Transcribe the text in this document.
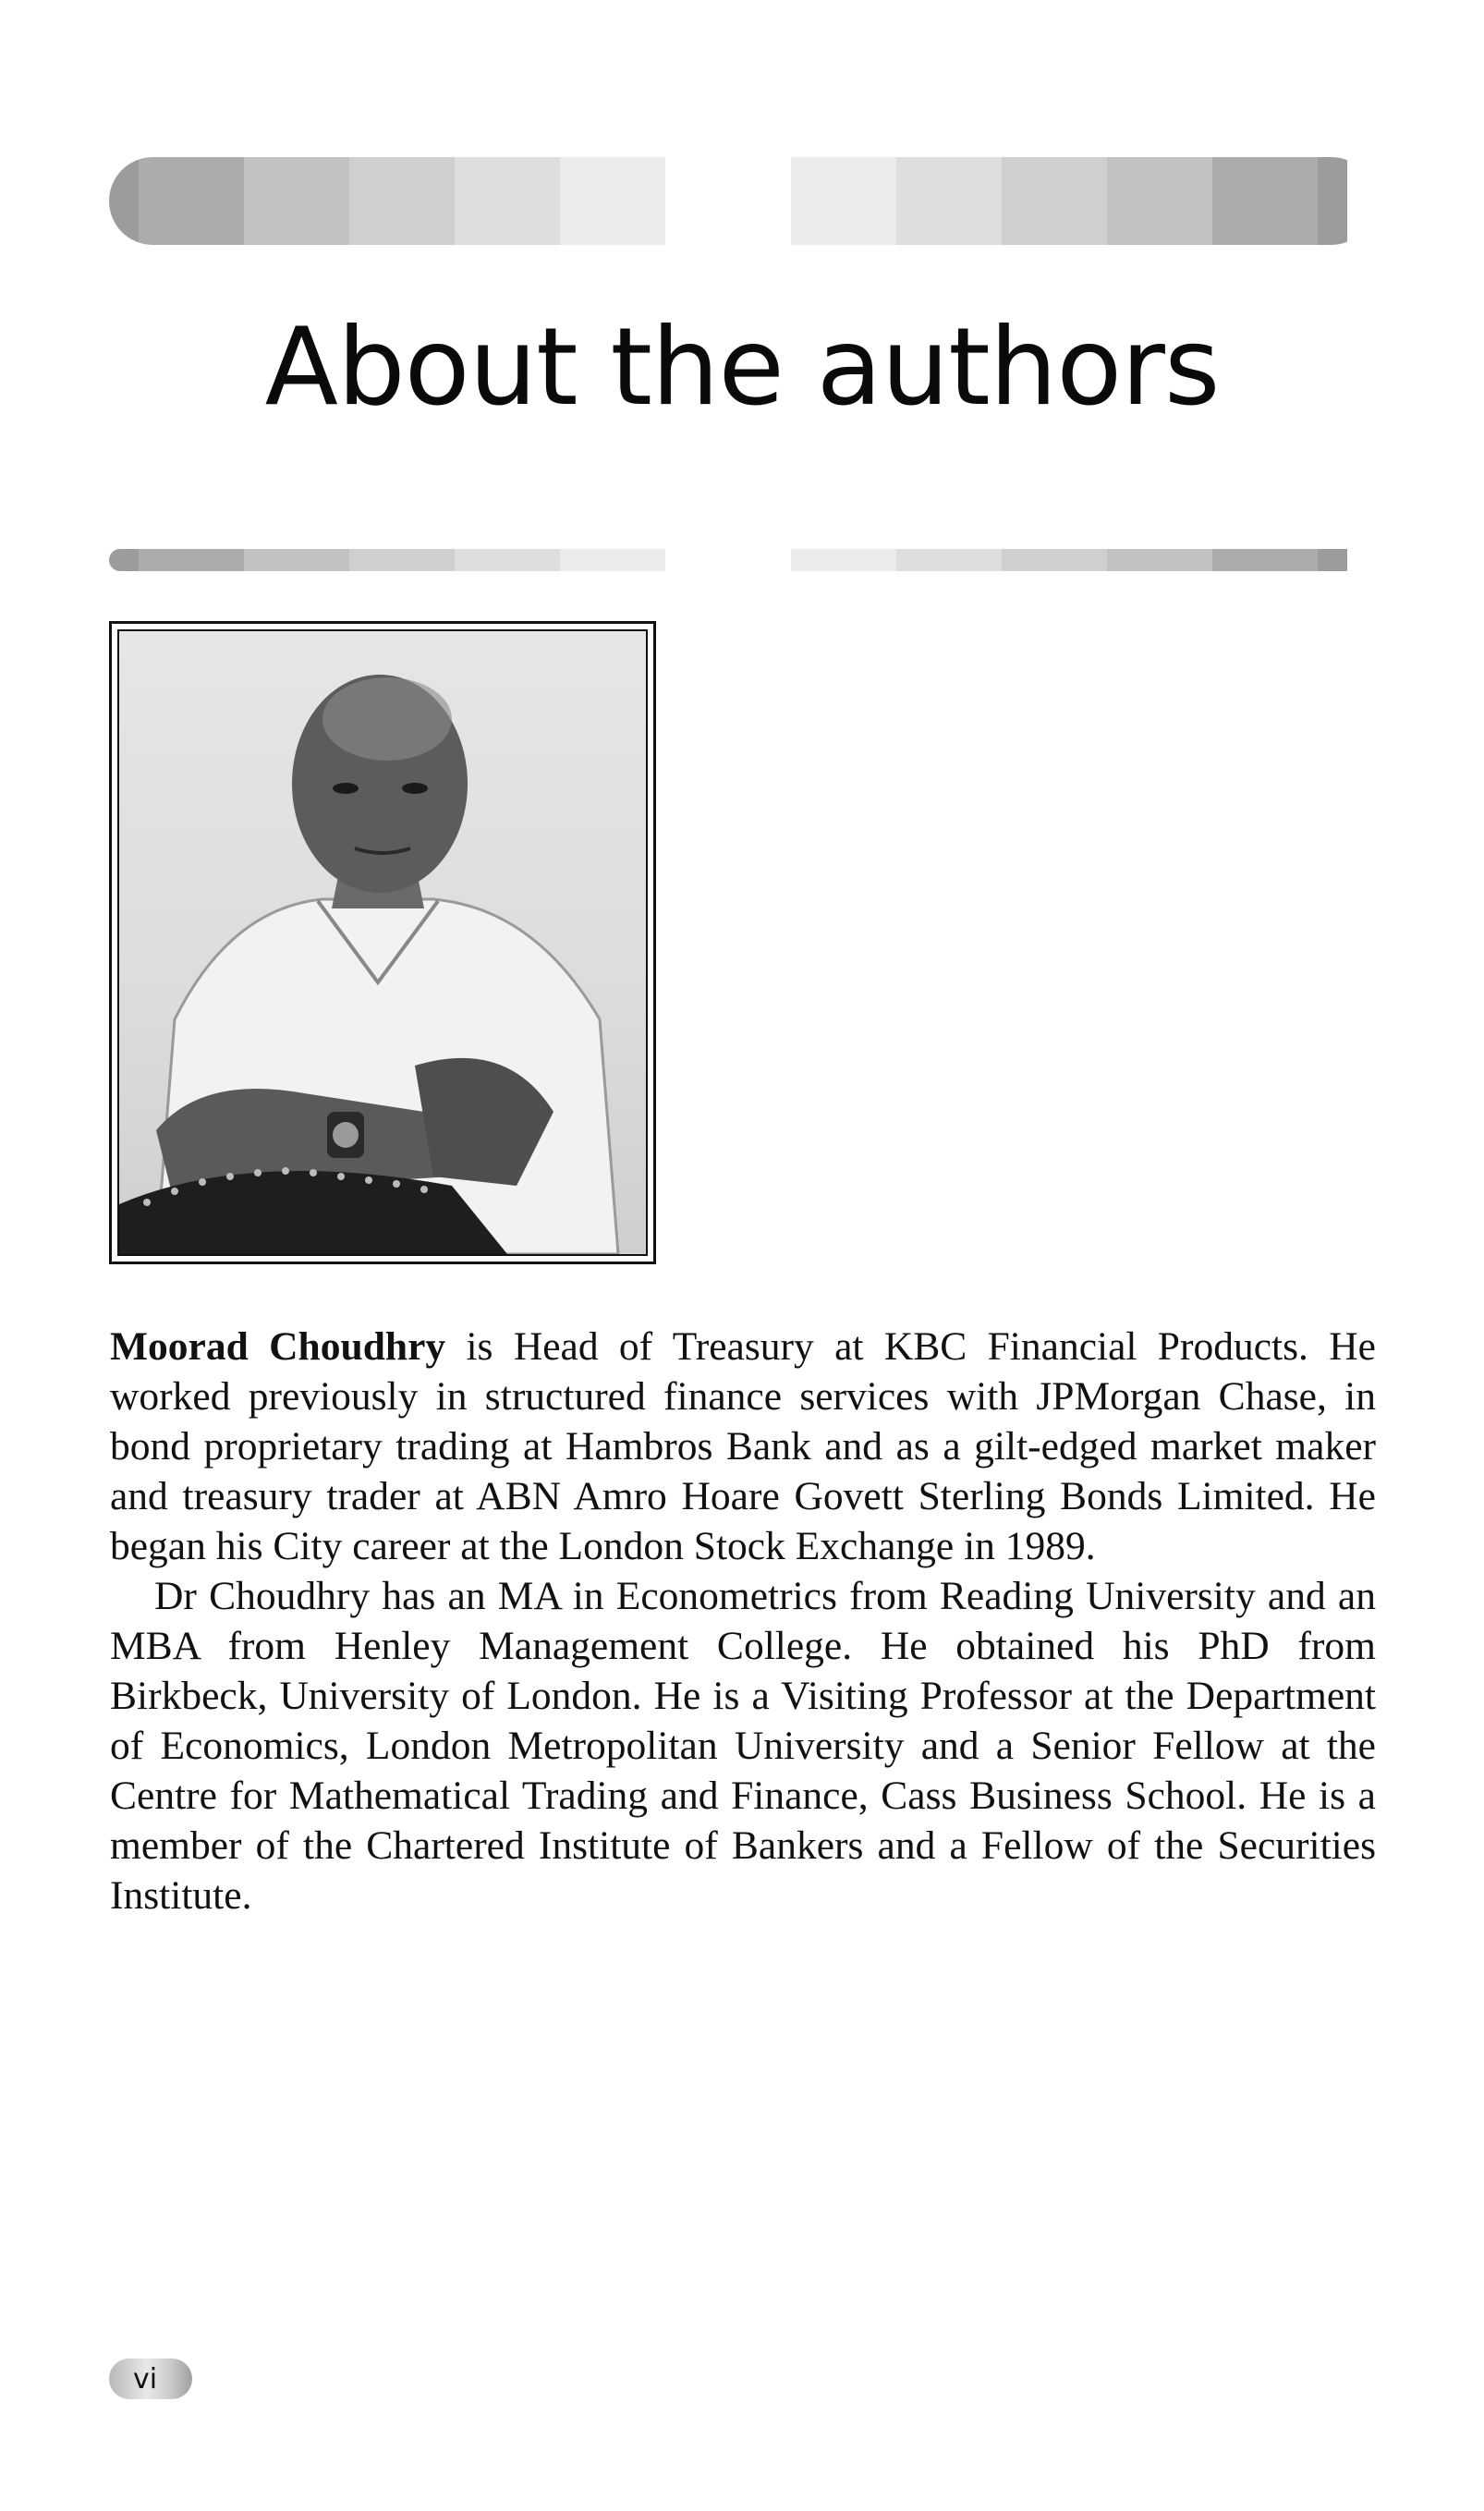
About the authors

Moorad Choudhry is Head of Treasury at KBC Financial Products. He worked previously in structured finance services with JPMorgan Chase, in bond proprietary trading at Hambros Bank and as a gilt-edged market maker and treasury trader at ABN Amro Hoare Govett Sterling Bonds Limited. He began his City career at the London Stock Exchange in 1989.

Dr Choudhry has an MA in Econometrics from Reading University and an MBA from Henley Management College. He obtained his PhD from Birkbeck, University of London. He is a Visiting Professor at the Department of Economics, London Metropolitan University and a Senior Fellow at the Centre for Mathematical Trading and Finance, Cass Business School. He is a member of the Chartered Institute of Bankers and a Fellow of the Securities Institute.

vi
